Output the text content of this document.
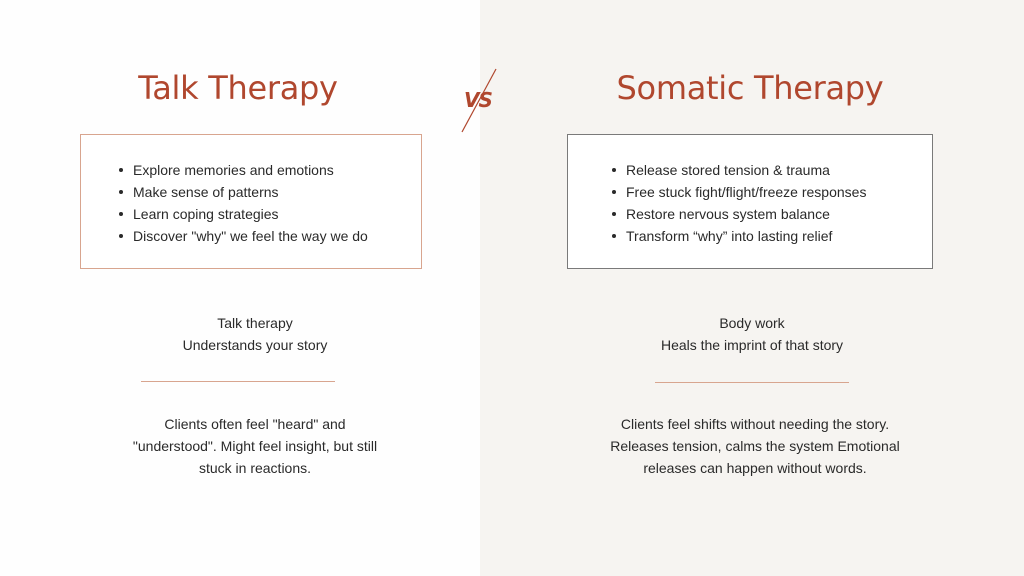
Talk Therapy	Somatic Therapy
VS
Explore memories and emotions
Make sense of patterns
Learn coping strategies
Discover "why" we feel the way we do
Release stored tension & trauma
Free stuck fight/flight/freeze responses
Restore nervous system balance
Transform “why” into lasting relief
Talk therapy
Understands your story
Body work
Heals the imprint of that story
Clients often feel "heard" and
"understood". Might feel insight, but still
stuck in reactions.
Clients feel shifts without needing the story.
Releases tension, calms the system Emotional
releases can happen without words.
